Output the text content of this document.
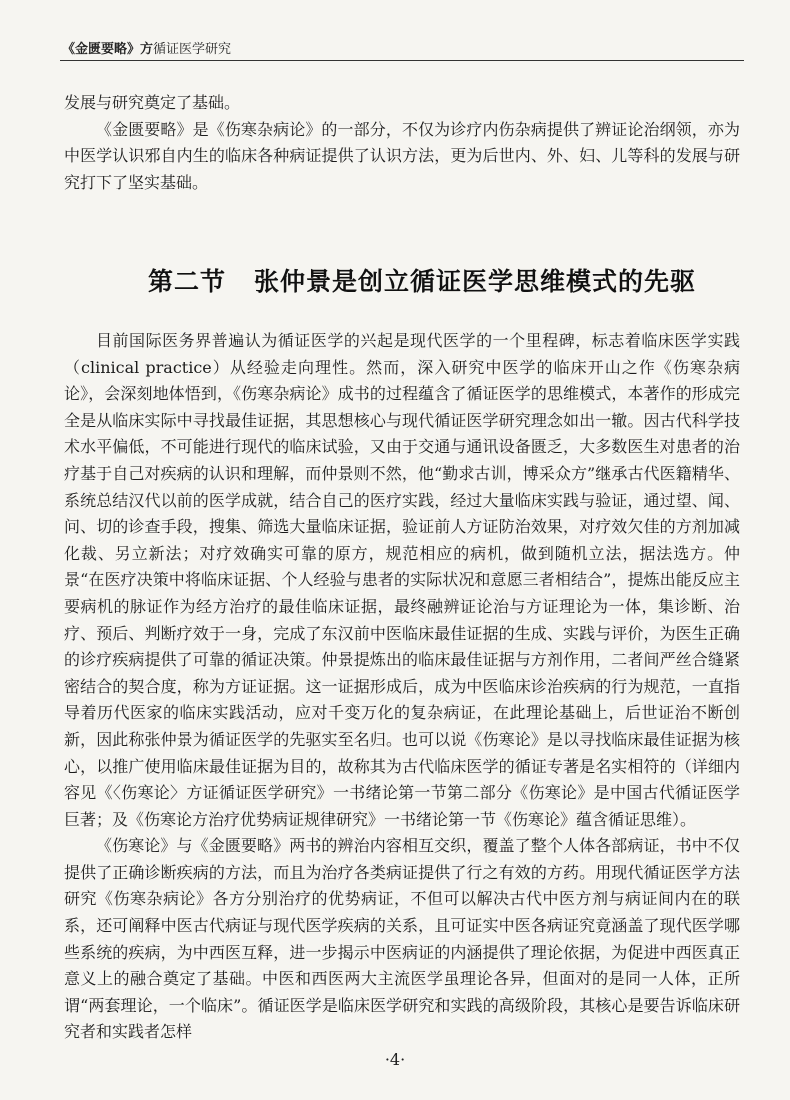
《金匮要略》方循证医学研究

发展与研究奠定了基础。

《金匮要略》是《伤寒杂病论》的一部分，不仅为诊疗内伤杂病提供了辨证论治纲领，亦为中医学认识邪自内生的临床各种病证提供了认识方法，更为后世内、外、妇、儿等科的发展与研究打下了坚实基础。

第二节 张仲景是创立循证医学思维模式的先驱

目前国际医务界普遍认为循证医学的兴起是现代医学的一个里程碑，标志着临床医学实践（clinical practice）从经验走向理性。然而，深入研究中医学的临床开山之作《伤寒杂病论》，会深刻地体悟到，《伤寒杂病论》成书的过程蕴含了循证医学的思维模式，本著作的形成完全是从临床实际中寻找最佳证据，其思想核心与现代循证医学研究理念如出一辙。因古代科学技术水平偏低，不可能进行现代的临床试验，又由于交通与通讯设备匮乏，大多数医生对患者的治疗基于自己对疾病的认识和理解，而仲景则不然，他“勤求古训，博采众方”继承古代医籍精华、系统总结汉代以前的医学成就，结合自己的医疗实践，经过大量临床实践与验证，通过望、闻、问、切的诊查手段，搜集、筛选大量临床证据，验证前人方证防治效果，对疗效欠佳的方剂加减化裁、另立新法；对疗效确实可靠的原方，规范相应的病机，做到随机立法，据法选方。仲景“在医疗决策中将临床证据、个人经验与患者的实际状况和意愿三者相结合”，提炼出能反应主要病机的脉证作为经方治疗的最佳临床证据，最终融辨证论治与方证理论为一体，集诊断、治疗、预后、判断疗效于一身，完成了东汉前中医临床最佳证据的生成、实践与评价，为医生正确的诊疗疾病提供了可靠的循证决策。仲景提炼出的临床最佳证据与方剂作用，二者间严丝合缝紧密结合的契合度，称为方证证据。这一证据形成后，成为中医临床诊治疾病的行为规范，一直指导着历代医家的临床实践活动，应对千变万化的复杂病证，在此理论基础上，后世证治不断创新，因此称张仲景为循证医学的先驱实至名归。也可以说《伤寒论》是以寻找临床最佳证据为核心，以推广使用临床最佳证据为目的，故称其为古代临床医学的循证专著是名实相符的（详细内容见《〈伤寒论〉方证循证医学研究》一书绪论第一节第二部分《伤寒论》是中国古代循证医学巨著；及《伤寒论方治疗优势病证规律研究》一书绪论第一节《伤寒论》蕴含循证思维）。

《伤寒论》与《金匮要略》两书的辨治内容相互交织，覆盖了整个人体各部病证，书中不仅提供了正确诊断疾病的方法，而且为治疗各类病证提供了行之有效的方药。用现代循证医学方法研究《伤寒杂病论》各方分别治疗的优势病证，不但可以解决古代中医方剂与病证间内在的联系，还可阐释中医古代病证与现代医学疾病的关系，且可证实中医各病证究竟涵盖了现代医学哪些系统的疾病，为中西医互释，进一步揭示中医病证的内涵提供了理论依据，为促进中西医真正意义上的融合奠定了基础。中医和西医两大主流医学虽理论各异，但面对的是同一人体，正所谓“两套理论，一个临床”。循证医学是临床医学研究和实践的高级阶段，其核心是要告诉临床研究者和实践者怎样

·4·
